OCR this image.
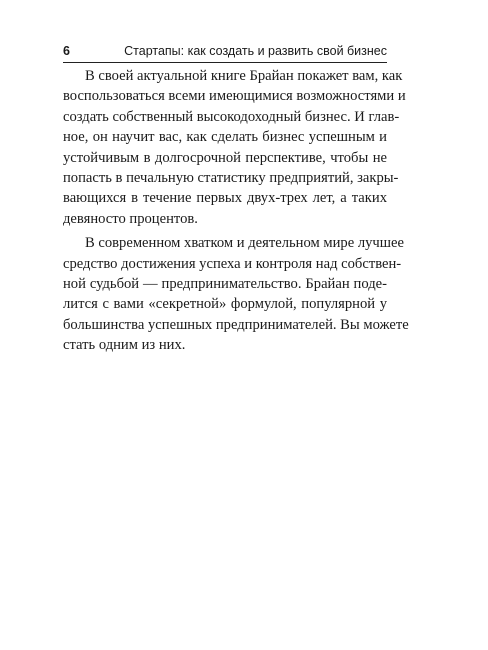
6	Стартапы: как создать и развить свой бизнес
В своей актуальной книге Брайан покажет вам, как
воспользоваться всеми имеющимися возможностями и
создать собственный высокодоходный бизнес. И глав-
ное, он научит вас, как сделать бизнес успешным и
устойчивым в долгосрочной перспективе, чтобы не
попасть в печальную статистику предприятий, закры-
вающихся в течение первых двух-трех лет, а таких
девяносто процентов.
В современном хватком и деятельном мире лучшее
средство достижения успеха и контроля над собствен-
ной судьбой — предпринимательство. Брайан поде-
лится с вами «секретной» формулой, популярной у
большинства успешных предпринимателей. Вы можете
стать одним из них.
